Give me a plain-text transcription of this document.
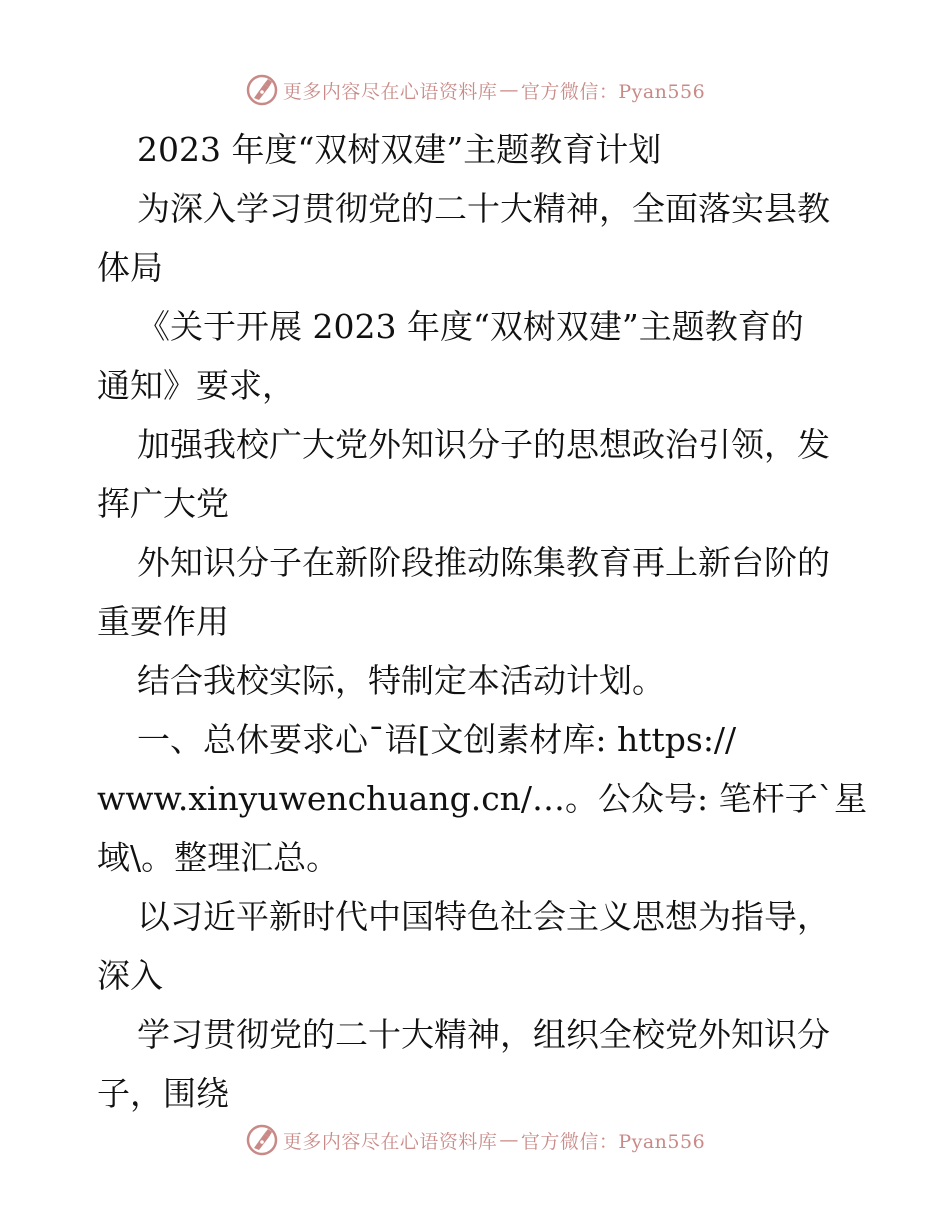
更多内容尽在心语资料库 — 官方微信：Pyan556
2023 年度“双树双建”主题教育计划
为深入学习贯彻党的二十大精神，全面落实县教
体局
《关于开展 2023 年度“双树双建”主题教育的
通知》要求，
加强我校广大党外知识分子的思想政治引领，发
挥广大党
外知识分子在新阶段推动陈集教育再上新台阶的
重要作用
结合我校实际，特制定本活动计划。
一、总休要求心¯语[文创素材库: https://
www.xinyuwenchuang.cn/…。公众号: 笔杆子`星
域\。整理汇总。
以习近平新时代中国特色社会主义思想为指导，
深入
学习贯彻党的二十大精神，组织全校党外知识分
子，围绕
更多内容尽在心语资料库 — 官方微信：Pyan556
